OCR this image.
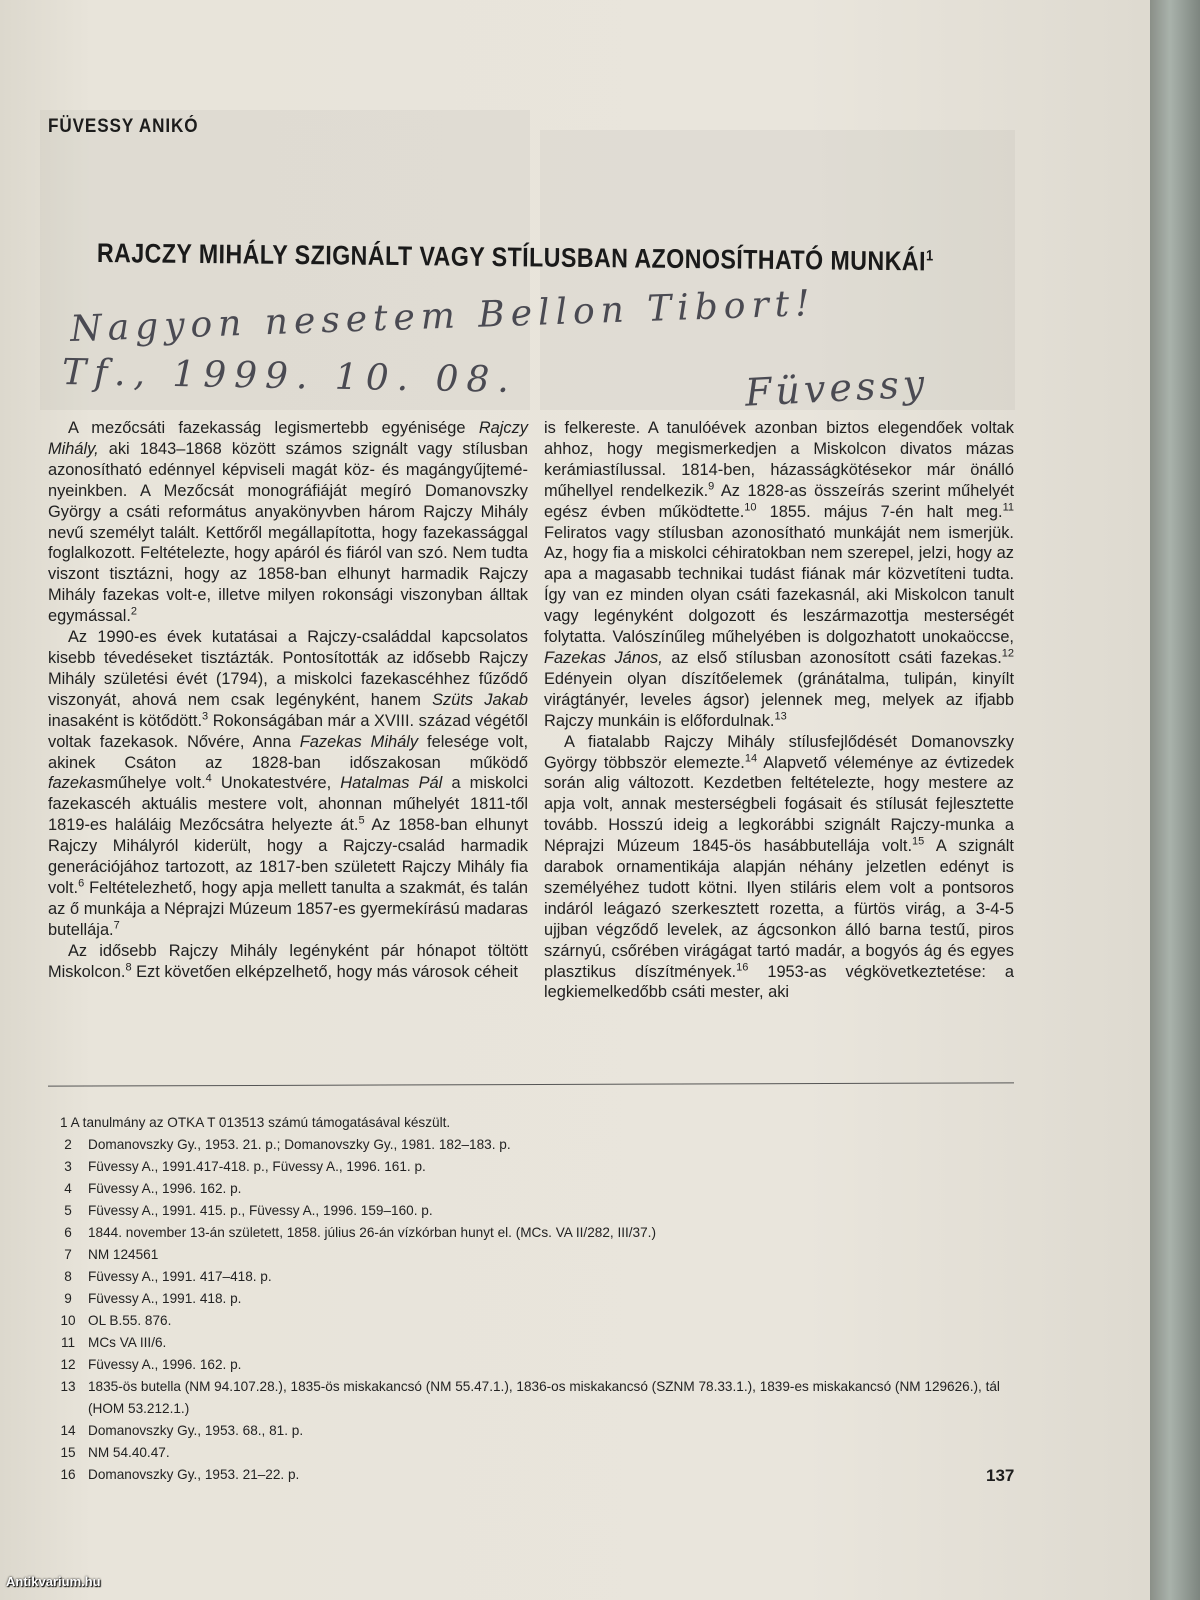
FÜVESSY ANIKÓ
RAJCZY MIHÁLY SZIGNÁLT VAGY STÍLUSBAN AZONOSÍTHATÓ MUNKÁI$^1$
Nagyon nesetem Bellon Tibort!
Tf., 1999. 10. 08.	Füvessy

A mezőcsáti fazekasság legismertebb egyénisége Rajczy Mihály, aki 1843–1868 között számos szignált vagy stílusban azonosítható edénnyel képviseli magát köz- és magángyűjteményeinkben. A Mezőcsát monográfiáját megíró Domanovszky György a csáti református anyakönyvben három Rajczy Mihály nevű személyt talált. Kettőről megállapította, hogy fazekassággal foglalkozott. Feltételezte, hogy apáról és fiáról van szó. Nem tudta viszont tisztázni, hogy az 1858-ban elhunyt harmadik Rajczy Mihály fazekas volt-e, illetve milyen rokonsági viszonyban álltak egymással.$^2$

Az 1990-es évek kutatásai a Rajczy-családdal kapcsolatos kisebb tévedéseket tisztázták. Pontosították az idősebb Rajczy Mihály születési évét (1794), a miskolci fazekascéhhez fűződő viszonyát, ahová nem csak legényként, hanem Szüts Jakab inasaként is kötődött.$^3$ Rokonságában már a XVIII. század végétől voltak fazekasok. Nővére, Anna Fazekas Mihály felesége volt, akinek Csáton az 1828-ban időszakosan működő fazekasműhelye volt.$^4$ Unokatestvére, Hatalmas Pál a miskolci fazekascéh aktuális mestere volt, ahonnan műhelyét 1811-től 1819-es haláláig Mezőcsátra helyezte át.$^5$ Az 1858-ban elhunyt Rajczy Mihályról kiderült, hogy a Rajczy-család harmadik generációjához tartozott, az 1817-ben született Rajczy Mihály fia volt.$^6$ Feltételezhető, hogy apja mellett tanulta a szakmát, és talán az ő munkája a Néprajzi Múzeum 1857-es gyermekírású madaras butellája.$^7$

Az idősebb Rajczy Mihály legényként pár hónapot töltött Miskolcon.$^8$ Ezt követően elképzelhető, hogy más városok céheit

is felkereste. A tanulóévek azonban biztos elegendőek voltak ahhoz, hogy megismerkedjen a Miskolcon divatos mázas kerámiastílussal. 1814-ben, házasságkötésekor már önálló műhellyel rendelkezik.$^9$ Az 1828-as összeírás szerint műhelyét egész évben működtette.$^{10}$ 1855. május 7-én halt meg.$^{11}$ Feliratos vagy stílusban azonosítható munkáját nem ismerjük. Az, hogy fia a miskolci céhiratokban nem szerepel, jelzi, hogy az apa a magasabb technikai tudást fiának már közvetíteni tudta. Így van ez minden olyan csáti fazekasnál, aki Miskolcon tanult vagy legényként dolgozott és leszármazottja mesterségét folytatta. Valószínűleg műhelyében is dolgozhatott unokaöccse, Fazekas János, az első stílusban azonosított csáti fazekas.$^{12}$ Edényein olyan díszítőelemek (gránátalma, tulipán, kinyílt virágtányér, leveles ágsor) jelennek meg, melyek az ifjabb Rajczy munkáin is előfordulnak.$^{13}$

A fiatalabb Rajczy Mihály stílusfejlődését Domanovszky György többször elemezte.$^{14}$ Alapvető véleménye az évtizedek során alig változott. Kezdetben feltételezte, hogy mestere az apja volt, annak mesterségbeli fogásait és stílusát fejlesztette tovább. Hosszú ideig a legkorábbi szignált Rajczy-munka a Néprajzi Múzeum 1845-ös hasábbutellája volt.$^{15}$ A szignált darabok ornamentikája alapján néhány jelzetlen edényt is személyéhez tudott kötni. Ilyen stiláris elem volt a pontsoros indáról leágazó szerkesztett rozetta, a fürtös virág, a 3-4-5 ujjban végződő levelek, az ágcsonkon álló barna testű, piros szárnyú, csőrében virágágat tartó madár, a bogyós ág és egyes plasztikus díszítmények.$^{16}$ 1953-as végkövetkeztetése: a legkiemelkedőbb csáti mester, aki

1 A tanulmány az OTKA T 013513 számú támogatásával készült.
2	Domanovszky Gy., 1953. 21. p.; Domanovszky Gy., 1981. 182–183. p.
3	Füvessy A., 1991.417-418. p., Füvessy A., 1996. 161. p.
4	Füvessy A., 1996. 162. p.
5	Füvessy A., 1991. 415. p., Füvessy A., 1996. 159–160. p.
6	1844. november 13-án született, 1858. július 26-án vízkórban hunyt el. (MCs. VA II/282, III/37.)
7	NM 124561
8	Füvessy A., 1991. 417–418. p.
9	Füvessy A., 1991. 418. p.
10 OL B.55. 876.
11 MCs VA III/6.
12 Füvessy A., 1996. 162. p.
13 1835-ös butella (NM 94.107.28.), 1835-ös miskakancsó (NM 55.47.1.), 1836-os miskakancsó (SZNM 78.33.1.), 1839-es miskakancsó (NM 129626.), tál (HOM 53.212.1.)
14 Domanovszky Gy., 1953. 68., 81. p.
15 NM 54.40.47.
16 Domanovszky Gy., 1953. 21–22. p.	137
Antikvarium.hu
